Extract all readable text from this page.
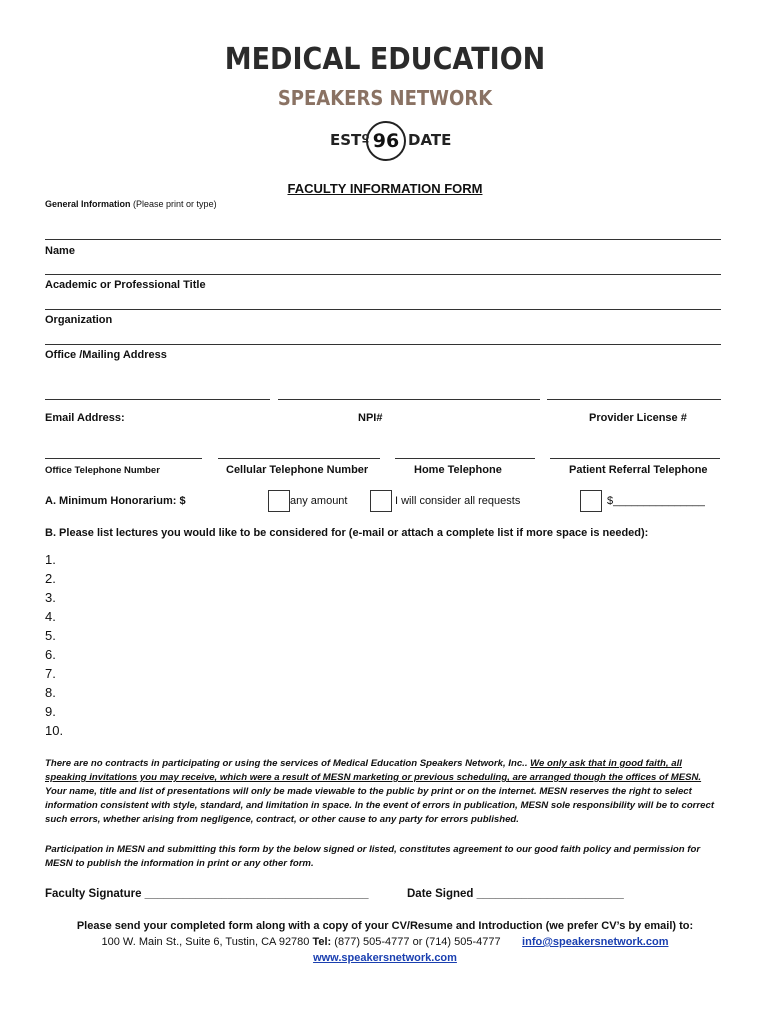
MEDICAL EDUCATION
SPEAKERS NETWORK
ESTº 96 DATE
FACULTY INFORMATION FORM
General Information (Please print or type)
Name
Academic or Professional Title
Organization
Office /Mailing Address
Email Address:	NPI#	Provider License #
Office Telephone Number	Cellular Telephone Number	Home Telephone	Patient Referral Telephone
A. Minimum Honorarium: $	any amount	I will consider all requests	$_______________
B. Please list lectures you would like to be considered for (e-mail or attach a complete list if more space is needed):
1.
2.
3.
4.
5.
6.
7.
8.
9.
10.
There are no contracts in participating or using the services of Medical Education Speakers Network, Inc.. We only ask that in good faith, all speaking invitations you may receive, which were a result of MESN marketing or previous scheduling, are arranged though the offices of MESN. Your name, title and list of presentations will only be made viewable to the public by print or on the internet. MESN reserves the right to select information consistent with style, standard, and limitation in space. In the event of errors in publication, MESN sole responsibility will be to correct such errors, whether arising from negligence, contract, or other cause to any party for errors published.
Participation in MESN and submitting this form by the below signed or listed, constitutes agreement to our good faith policy and permission for MESN to publish the information in print or any other form.
Faculty Signature ___________________________________	Date Signed _______________________
Please send your completed form along with a copy of your CV/Resume and Introduction (we prefer CV’s by email) to:
100 W. Main St., Suite 6, Tustin, CA 92780 Tel: (877) 505-4777 or (714) 505-4777 info@speakersnetwork.com
www.speakersnetwork.com
